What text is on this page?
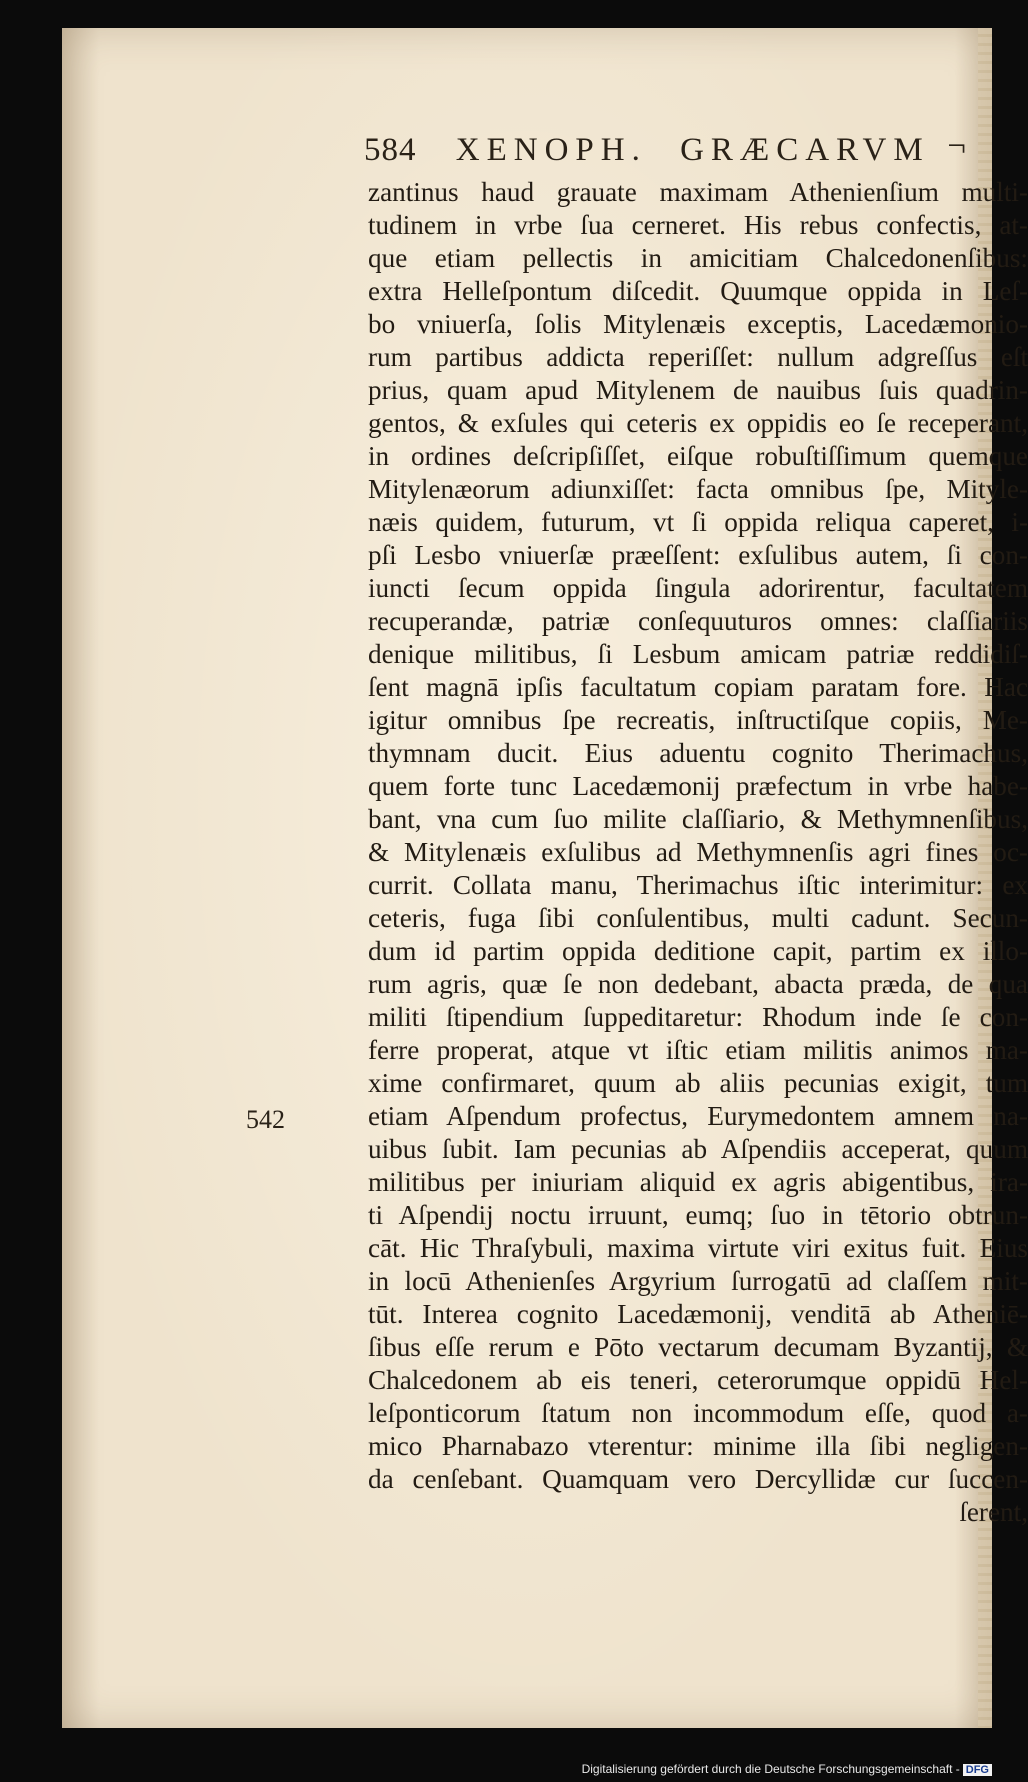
584 XENOPH. GRÆCARVM ¬
zantinus haud grauate maximam Athenienſium multi-
tudinem in vrbe ſua cerneret. His rebus confectis, at-
que etiam pellectis in amicitiam Chalcedonenſibus:
extra Helleſpontum diſcedit. Quumque oppida in Leſ-
bo vniuerſa, ſolis Mitylenæis exceptis, Lacedæmonio-
rum partibus addicta reperiſſet: nullum adgreſſus eſt
prius, quam apud Mitylenem de nauibus ſuis quadrin-
gentos, & exſules qui ceteris ex oppidis eo ſe receperant,
in ordines deſcripſiſſet, eiſque robuſtiſſimum quemque
Mitylenæorum adiunxiſſet: facta omnibus ſpe, Mityle-
næis quidem, futurum, vt ſi oppida reliqua caperet, i-
pſi Lesbo vniuerſæ præeſſent: exſulibus autem, ſi con-
iuncti ſecum oppida ſingula adorirentur, facultatem
recuperandæ, patriæ conſequuturos omnes: claſſiariis
denique militibus, ſi Lesbum amicam patriæ reddidiſ-
ſent magnā ipſis facultatum copiam paratam fore. Hac
igitur omnibus ſpe recreatis, inſtructiſque copiis, Me-
thymnam ducit. Eius aduentu cognito Therimachus,
quem forte tunc Lacedæmonij præfectum in vrbe habe-
bant, vna cum ſuo milite claſſiario, & Methymnenſibus,
& Mitylenæis exſulibus ad Methymnenſis agri fines oc-
currit. Collata manu, Therimachus iſtic interimitur: ex
ceteris, fuga ſibi conſulentibus, multi cadunt. Secun-
dum id partim oppida deditione capit, partim ex illo-
rum agris, quæ ſe non dedebant, abacta præda, de qua
militi ſtipendium ſuppeditaretur: Rhodum inde ſe con-
ferre properat, atque vt iſtic etiam militis animos ma-
xime confirmaret, quum ab aliis pecunias exigit, tum
etiam Aſpendum profectus, Eurymedontem amnem na-
uibus ſubit. Iam pecunias ab Aſpendiis acceperat, quum
militibus per iniuriam aliquid ex agris abigentibus, ira-
ti Aſpendij noctu irruunt, eumq; ſuo in tētorio obtrun-
cāt. Hic Thraſybuli, maxima virtute viri exitus fuit. Eius
in locū Athenienſes Argyrium ſurrogatū ad claſſem mit-
tūt. Interea cognito Lacedæmonij, venditā ab Atheniē-
ſibus eſſe rerum e Pōto vectarum decumam Byzantij, &
Chalcedonem ab eis teneri, ceterorumque oppidū Hel-
leſponticorum ſtatum non incommodum eſſe, quod a-
mico Pharnabazo vterentur: minime illa ſibi negligen-
da cenſebant. Quamquam vero Dercyllidæ cur ſuccen-
ſerent,
542
Digitalisierung gefördert durch die Deutsche Forschungsgemeinschaft - DFG
